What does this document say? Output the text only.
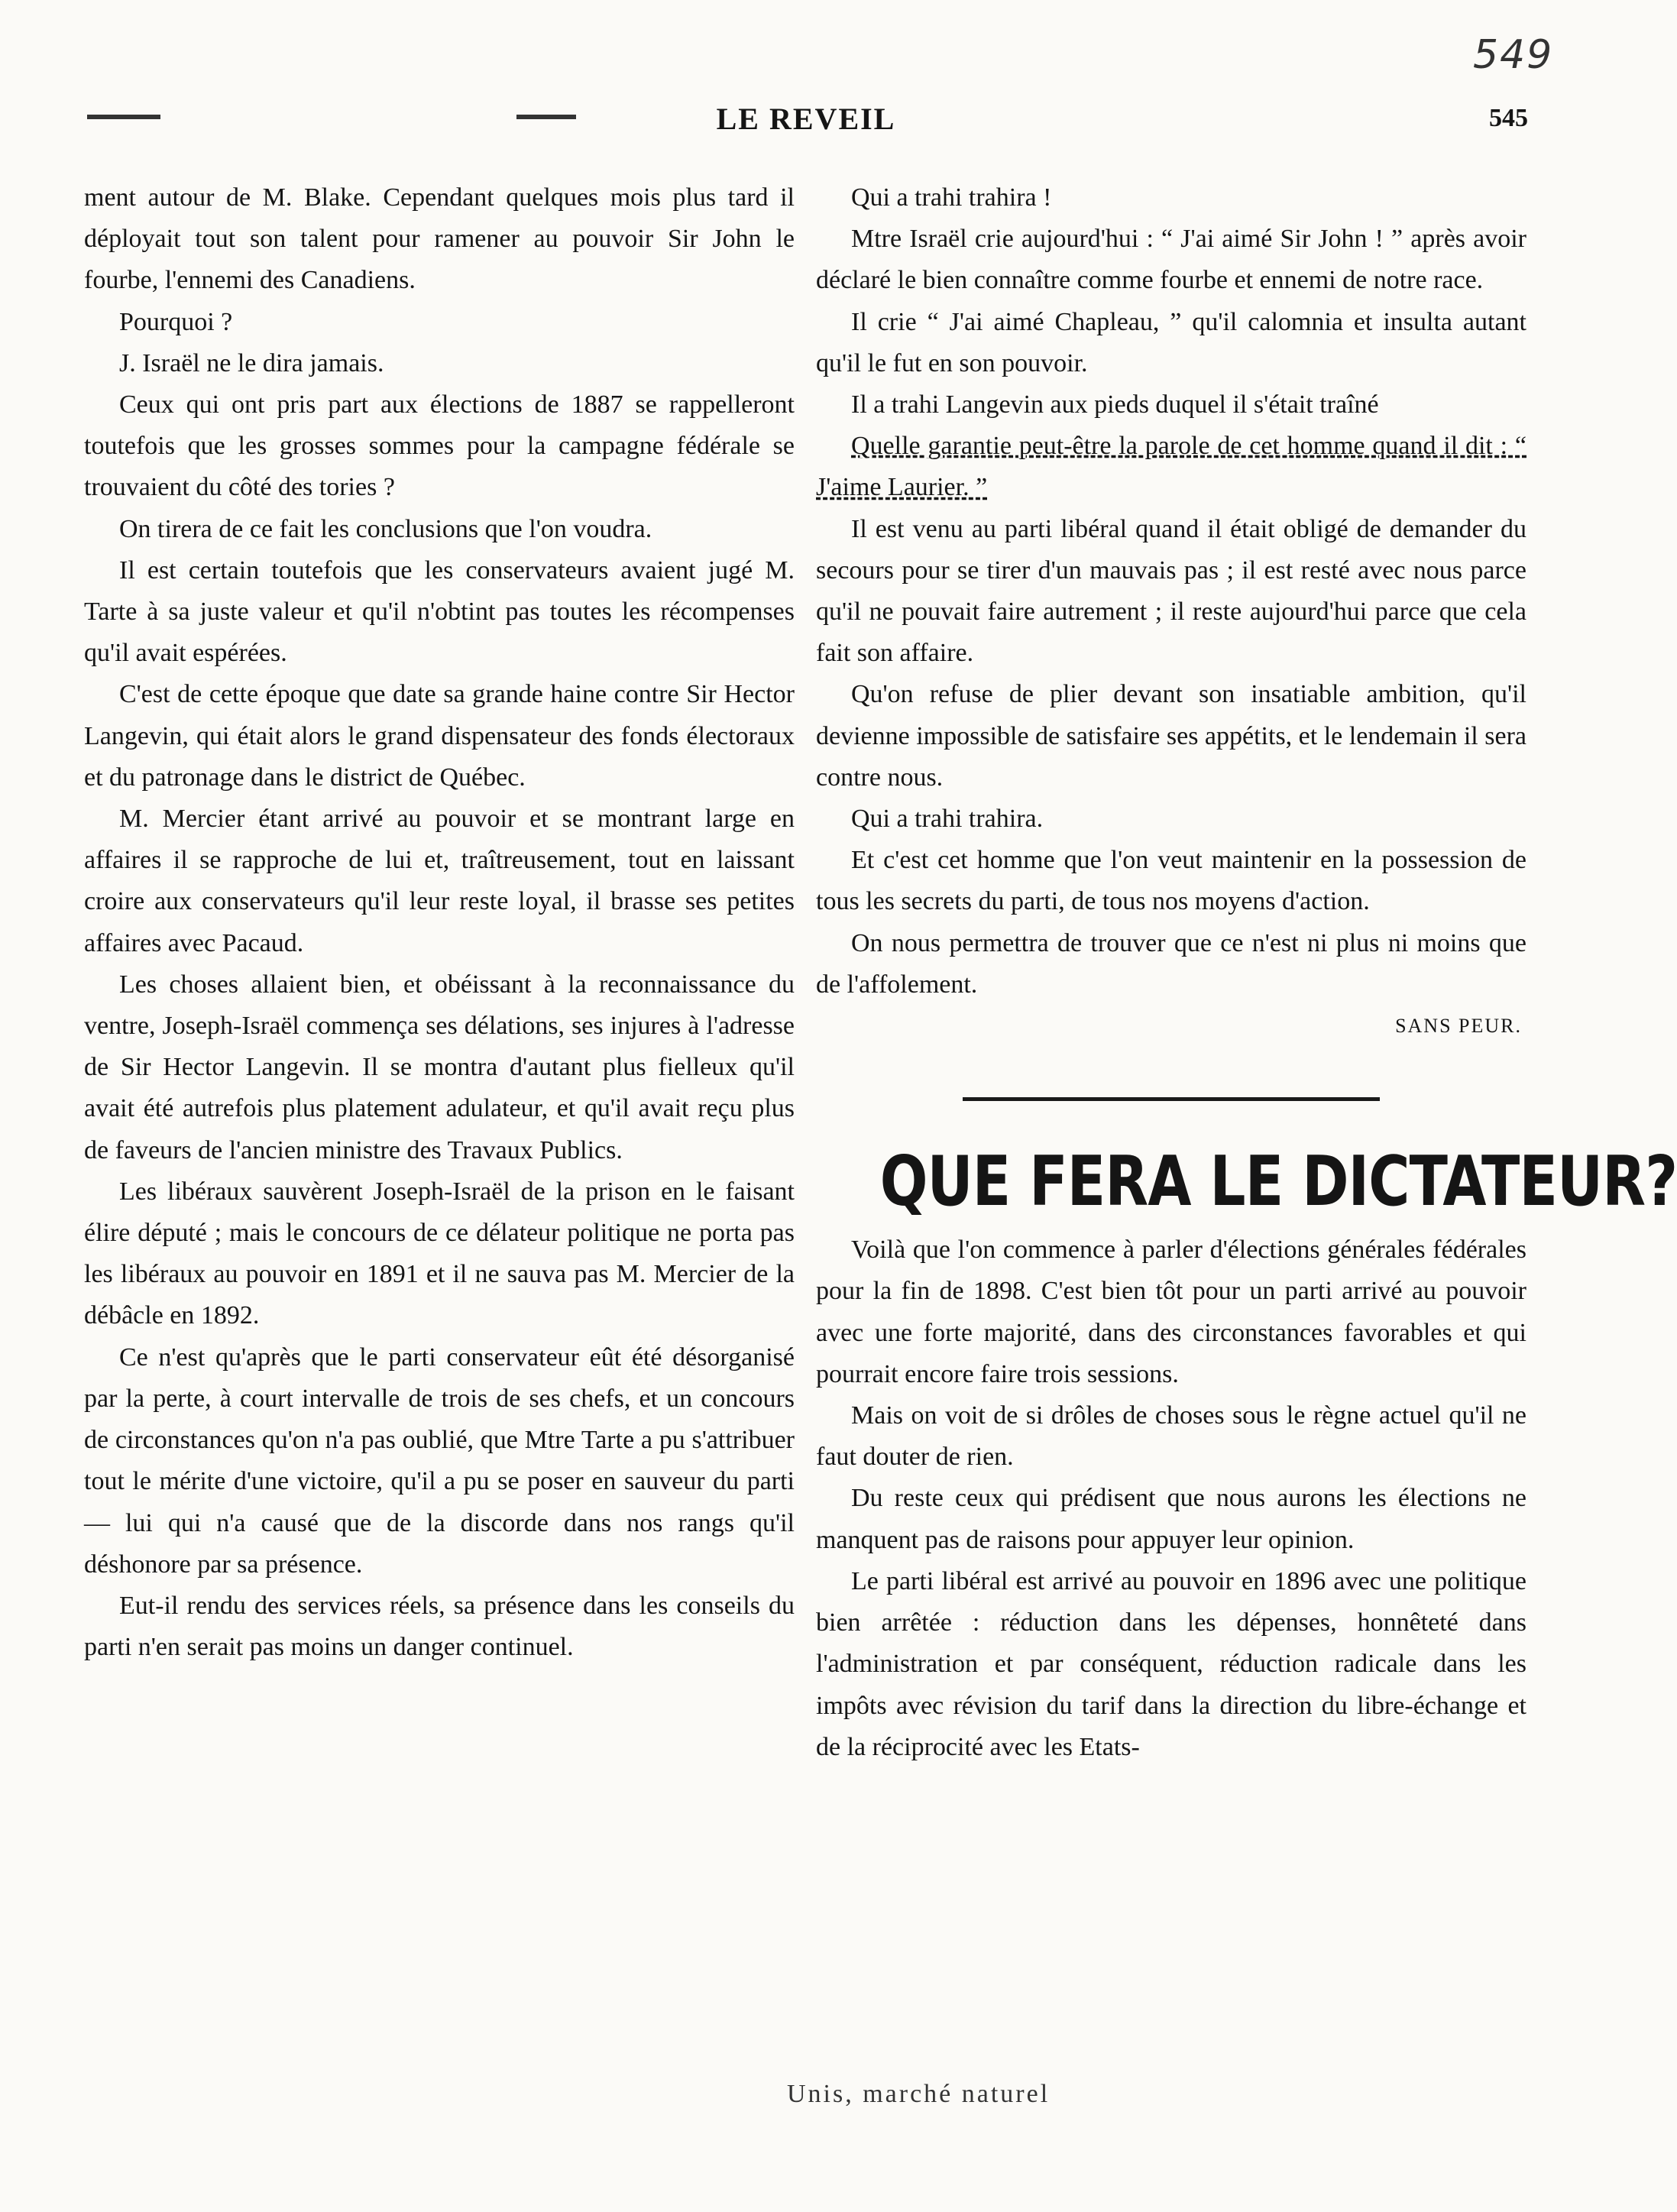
549
LE REVEIL	545

ment autour de M. Blake. Cependant quelques mois plus tard il déployait tout son talent pour ramener au pouvoir Sir John le fourbe, l'ennemi des Canadiens.

Pourquoi ?

J. Israël ne le dira jamais.

Ceux qui ont pris part aux élections de 1887 se rappelleront toutefois que les grosses sommes pour la campagne fédérale se trouvaient du côté des tories ?

On tirera de ce fait les conclusions que l'on voudra.

Il est certain toutefois que les conservateurs avaient jugé M. Tarte à sa juste valeur et qu'il n'obtint pas toutes les récompenses qu'il avait espérées.

C'est de cette époque que date sa grande haine contre Sir Hector Langevin, qui était alors le grand dispensateur des fonds électoraux et du patronage dans le district de Québec.

M. Mercier étant arrivé au pouvoir et se montrant large en affaires il se rapproche de lui et, traîtreusement, tout en laissant croire aux conservateurs qu'il leur reste loyal, il brasse ses petites affaires avec Pacaud.

Les choses allaient bien, et obéissant à la reconnaissance du ventre, Joseph-Israël commença ses délations, ses injures à l'adresse de Sir Hector Langevin. Il se montra d'autant plus fielleux qu'il avait été autrefois plus platement adulateur, et qu'il avait reçu plus de faveurs de l'ancien ministre des Travaux Publics.

Les libéraux sauvèrent Joseph-Israël de la prison en le faisant élire député ; mais le concours de ce délateur politique ne porta pas les libéraux au pouvoir en 1891 et il ne sauva pas M. Mercier de la débâcle en 1892.

Ce n'est qu'après que le parti conservateur eût été désorganisé par la perte, à court intervalle de trois de ses chefs, et un concours de circonstances qu'on n'a pas oublié, que Mtre Tarte a pu s'attribuer tout le mérite d'une victoire, qu'il a pu se poser en sauveur du parti — lui qui n'a causé que de la discorde dans nos rangs qu'il déshonore par sa présence.

Eut-il rendu des services réels, sa présence dans les conseils du parti n'en serait pas moins un danger continuel.

Qui a trahi trahira !

Mtre Israël crie aujourd'hui : “ J'ai aimé Sir John ! ” après avoir déclaré le bien connaître comme fourbe et ennemi de notre race.

Il crie “ J'ai aimé Chapleau, ” qu'il calomnia et insulta autant qu'il le fut en son pouvoir.

Il a trahi Langevin aux pieds duquel il s'était traîné

Quelle garantie peut-être la parole de cet homme quand il dit : “ J'aime Laurier. ”

Il est venu au parti libéral quand il était obligé de demander du secours pour se tirer d'un mauvais pas ; il est resté avec nous parce qu'il ne pouvait faire autrement ; il reste aujourd'hui parce que cela fait son affaire.

Qu'on refuse de plier devant son insatiable ambition, qu'il devienne impossible de satisfaire ses appétits, et le lendemain il sera contre nous.

Qui a trahi trahira.

Et c'est cet homme que l'on veut maintenir en la possession de tous les secrets du parti, de tous nos moyens d'action.

On nous permettra de trouver que ce n'est ni plus ni moins que de l'affolement.

SANS PEUR.

QUE FERA LE DICTATEUR?

Voilà que l'on commence à parler d'élections générales fédérales pour la fin de 1898. C'est bien tôt pour un parti arrivé au pouvoir avec une forte majorité, dans des circonstances favorables et qui pourrait encore faire trois sessions.

Mais on voit de si drôles de choses sous le règne actuel qu'il ne faut douter de rien.

Du reste ceux qui prédisent que nous aurons les élections ne manquent pas de raisons pour appuyer leur opinion.

Le parti libéral est arrivé au pouvoir en 1896 avec une politique bien arrêtée : réduction dans les dépenses, honnêteté dans l'administration et par conséquent, réduction radicale dans les impôts avec révision du tarif dans la direction du libre-échange et de la réciprocité avec les Etats-

Unis, marché naturel
